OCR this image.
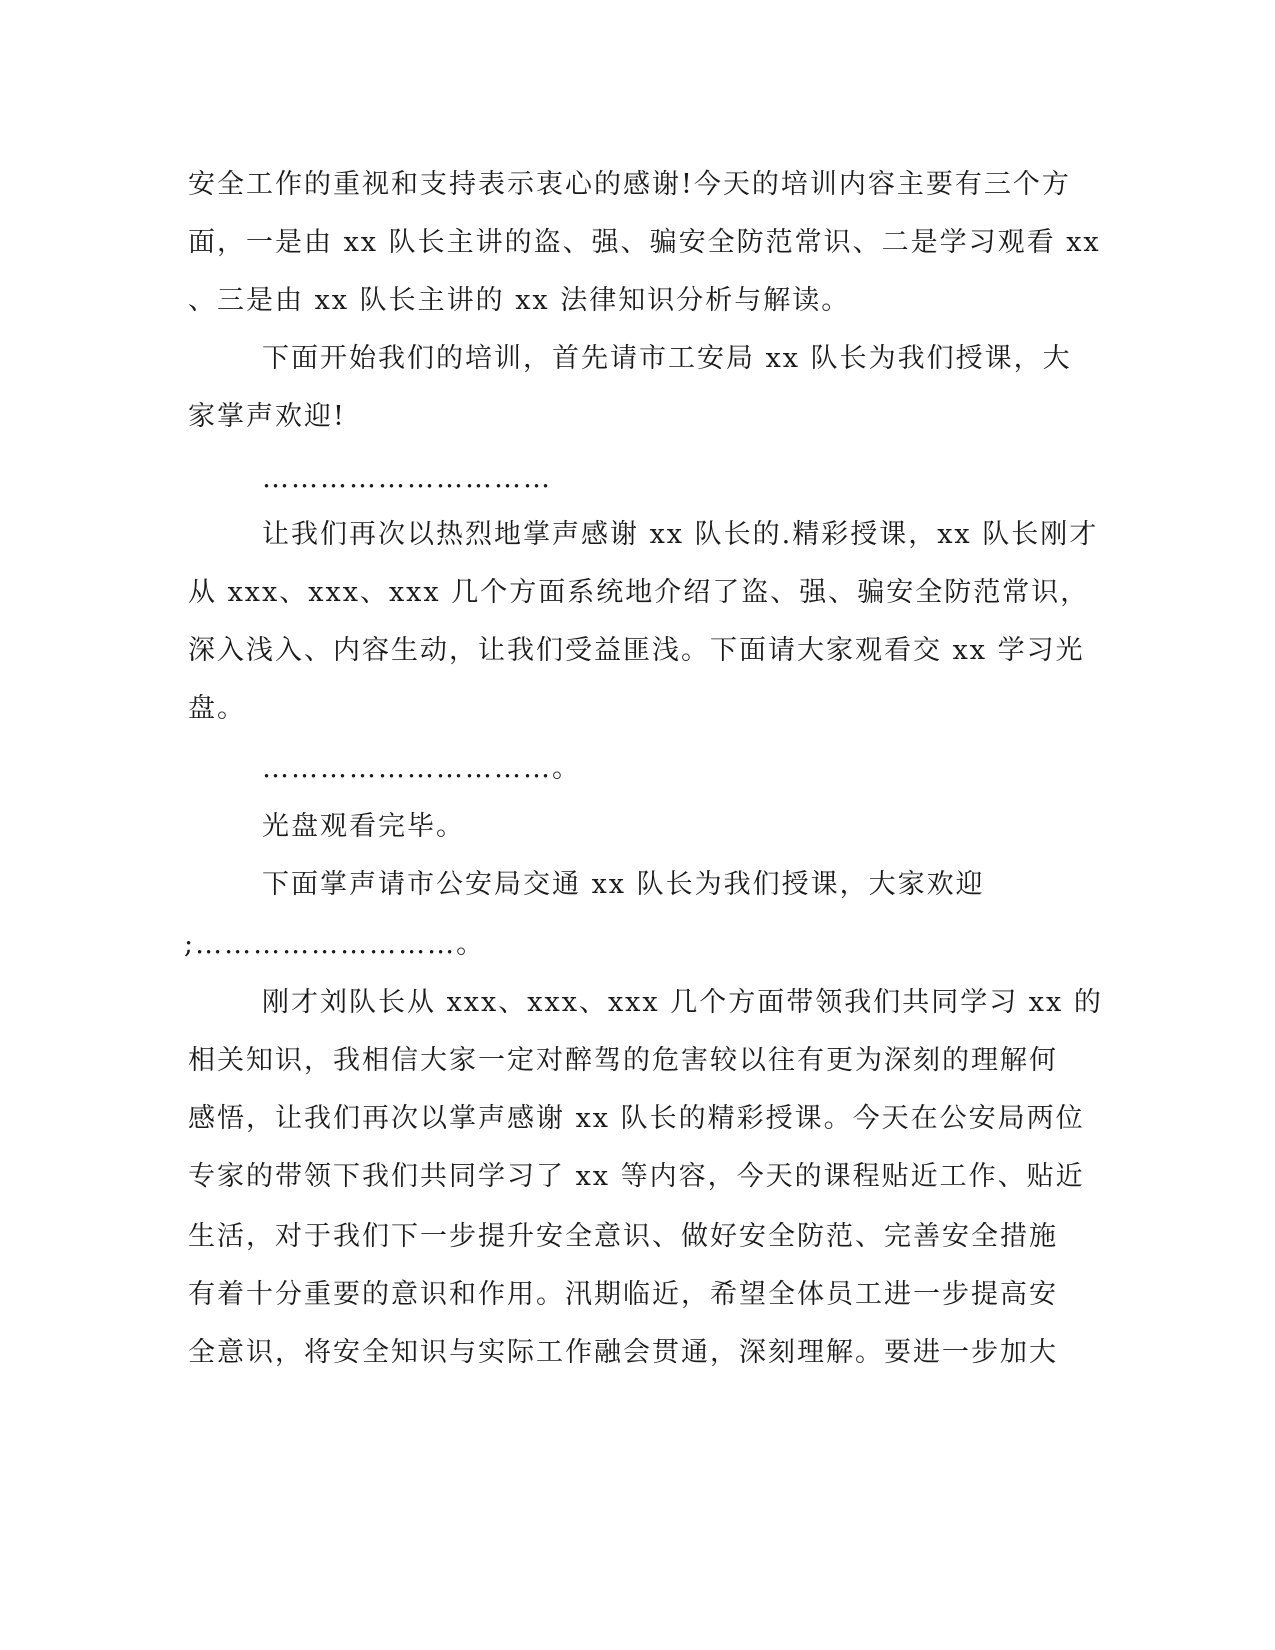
安全工作的重视和支持表示衷心的感谢!今天的培训内容主要有三个方
面，一是由 xx 队长主讲的盗、强、骗安全防范常识、二是学习观看 xx
、三是由 xx 队长主讲的 xx 法律知识分析与解读。
下面开始我们的培训，首先请市工安局 xx 队长为我们授课，大
家掌声欢迎!
…………………………
让我们再次以热烈地掌声感谢 xx 队长的.精彩授课，xx 队长刚才
从 xxx、xxx、xxx 几个方面系统地介绍了盗、强、骗安全防范常识，
深入浅入、内容生动，让我们受益匪浅。下面请大家观看交 xx 学习光
盘。
…………………………。
光盘观看完毕。
下面掌声请市公安局交通 xx 队长为我们授课，大家欢迎
;………………………。
刚才刘队长从 xxx、xxx、xxx 几个方面带领我们共同学习 xx 的
相关知识，我相信大家一定对醉驾的危害较以往有更为深刻的理解何
感悟，让我们再次以掌声感谢 xx 队长的精彩授课。今天在公安局两位
专家的带领下我们共同学习了 xx 等内容，今天的课程贴近工作、贴近
生活，对于我们下一步提升安全意识、做好安全防范、完善安全措施
有着十分重要的意识和作用。汛期临近，希望全体员工进一步提高安
全意识，将安全知识与实际工作融会贯通，深刻理解。要进一步加大
